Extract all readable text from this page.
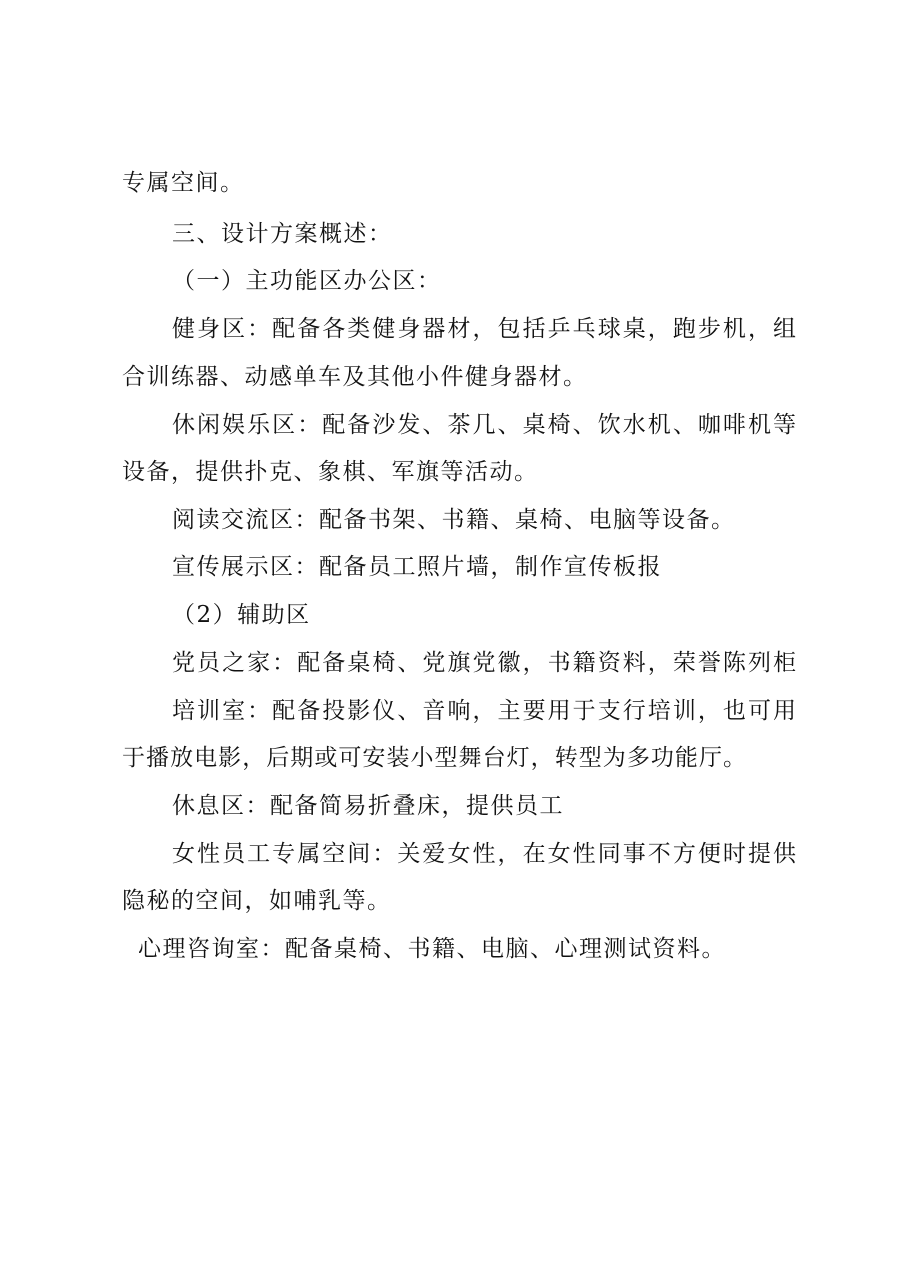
专属空间。
三、设计方案概述：
（一）主功能区办公区：
健身区：配备各类健身器材，包括乒乓球桌，跑步机，组
合训练器、动感单车及其他小件健身器材。
休闲娱乐区：配备沙发、茶几、桌椅、饮水机、咖啡机等
设备，提供扑克、象棋、军旗等活动。
阅读交流区：配备书架、书籍、桌椅、电脑等设备。
宣传展示区：配备员工照片墙，制作宣传板报
（2）辅助区
党员之家：配备桌椅、党旗党徽，书籍资料，荣誉陈列柜
培训室：配备投影仪、音响，主要用于支行培训，也可用
于播放电影，后期或可安装小型舞台灯，转型为多功能厅。
休息区：配备简易折叠床，提供员工
女性员工专属空间：关爱女性，在女性同事不方便时提供
隐秘的空间，如哺乳等。
心理咨询室：配备桌椅、书籍、电脑、心理测试资料。
